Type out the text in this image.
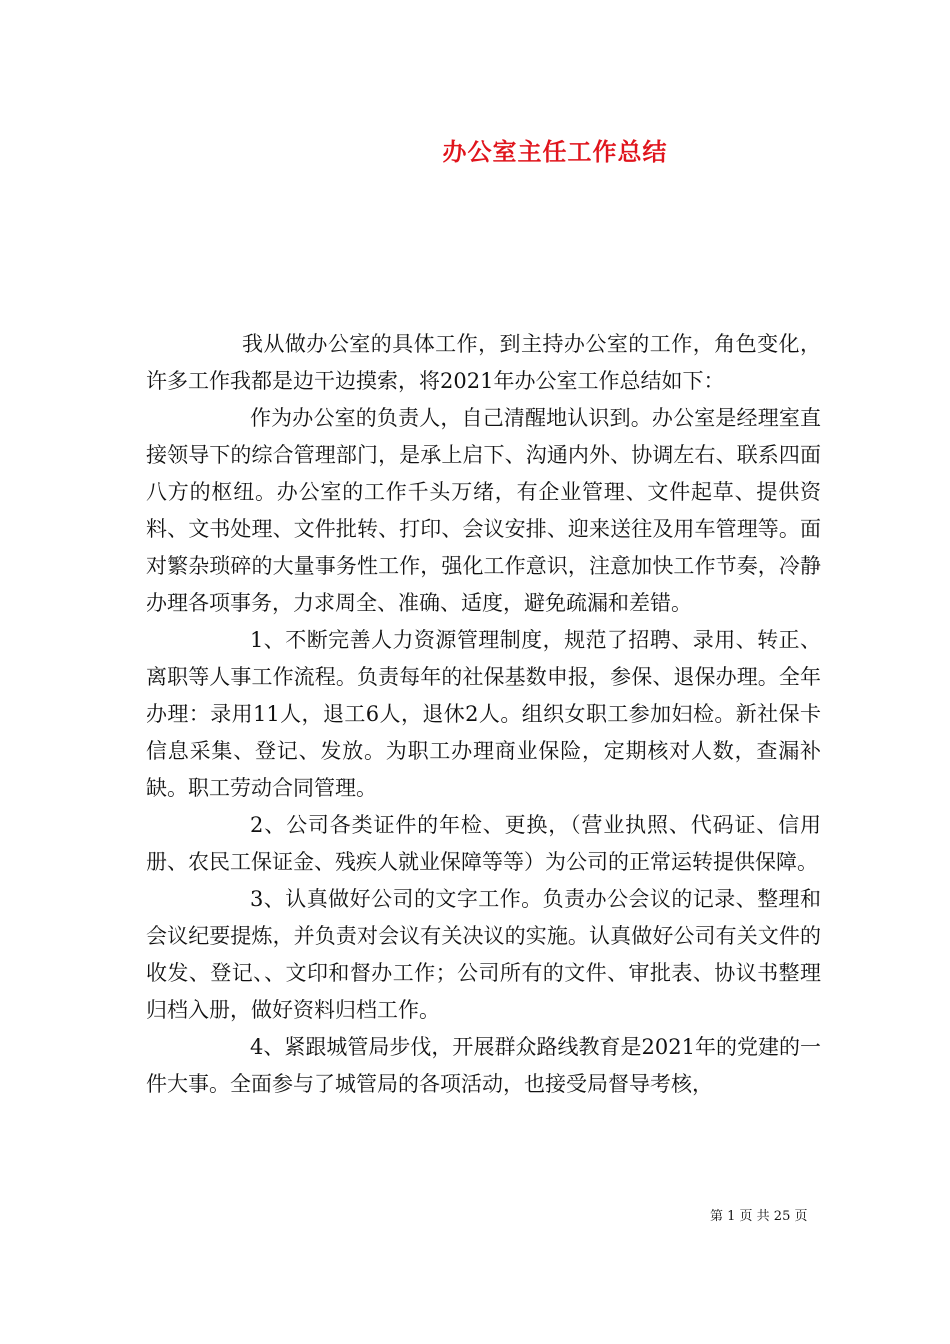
办公室主任工作总结

我从做办公室的具体工作，到主持办公室的工作，角色变化，许多工作我都是边干边摸索，将2021年办公室工作总结如下：

作为办公室的负责人，自己清醒地认识到。办公室是经理室直接领导下的综合管理部门，是承上启下、沟通内外、协调左右、联系四面八方的枢纽。办公室的工作千头万绪，有企业管理、文件起草、提供资料、文书处理、文件批转、打印、会议安排、迎来送往及用车管理等。面对繁杂琐碎的大量事务性工作，强化工作意识，注意加快工作节奏，冷静办理各项事务，力求周全、准确、适度，避免疏漏和差错。

1、不断完善人力资源管理制度，规范了招聘、录用、转正、离职等人事工作流程。负责每年的社保基数申报，参保、退保办理。全年办理：录用11人，退工6人，退休2人。组织女职工参加妇检。新社保卡信息采集、登记、发放。为职工办理商业保险，定期核对人数，查漏补缺。职工劳动合同管理。

2、公司各类证件的年检、更换，（营业执照、代码证、信用册、农民工保证金、残疾人就业保障等等）为公司的正常运转提供保障。

3、认真做好公司的文字工作。负责办公会议的记录、整理和会议纪要提炼，并负责对会议有关决议的实施。认真做好公司有关文件的收发、登记、、文印和督办工作；公司所有的文件、审批表、协议书整理归档入册，做好资料归档工作。

4、紧跟城管局步伐，开展群众路线教育是2021年的党建的一件大事。全面参与了城管局的各项活动，也接受局督导考核，

第 1 页 共 25 页
